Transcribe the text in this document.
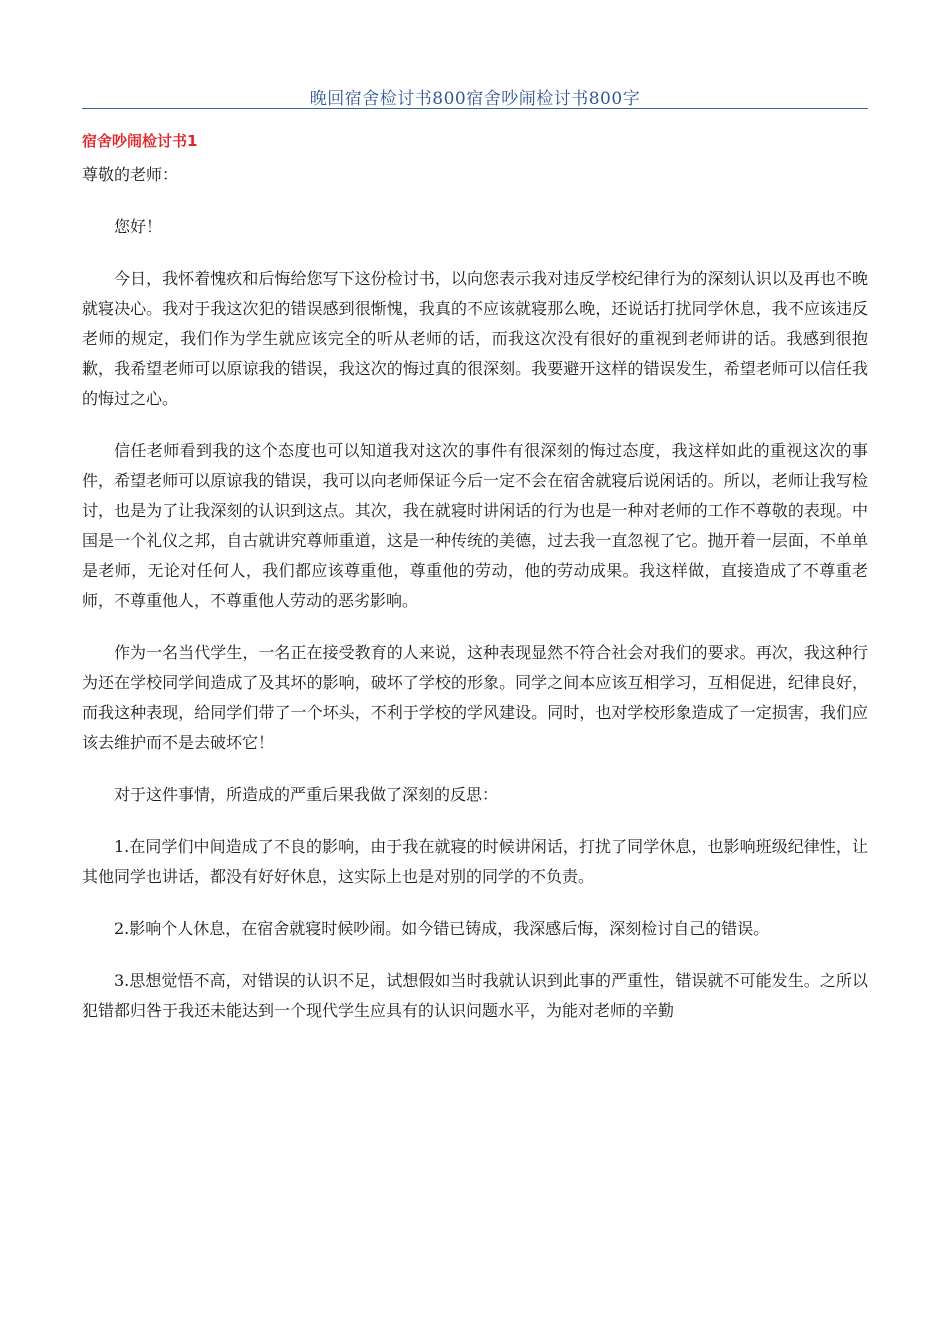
晚回宿舍检讨书800宿舍吵闹检讨书800字
宿舍吵闹检讨书1

尊敬的老师：

您好！

今日，我怀着愧疚和后悔给您写下这份检讨书，以向您表示我对违反学校纪律行为的深刻认识以及再也不晚就寝决心。我对于我这次犯的错误感到很惭愧，我真的不应该就寝那么晚，还说话打扰同学休息，我不应该违反老师的规定，我们作为学生就应该完全的听从老师的话，而我这次没有很好的重视到老师讲的话。我感到很抱歉，我希望老师可以原谅我的错误，我这次的悔过真的很深刻。我要避开这样的错误发生，希望老师可以信任我的悔过之心。

信任老师看到我的这个态度也可以知道我对这次的事件有很深刻的悔过态度，我这样如此的重视这次的事件，希望老师可以原谅我的错误，我可以向老师保证今后一定不会在宿舍就寝后说闲话的。所以，老师让我写检讨，也是为了让我深刻的认识到这点。其次，我在就寝时讲闲话的行为也是一种对老师的工作不尊敬的表现。中国是一个礼仪之邦，自古就讲究尊师重道，这是一种传统的美德，过去我一直忽视了它。抛开着一层面，不单单是老师，无论对任何人，我们都应该尊重他，尊重他的劳动，他的劳动成果。我这样做，直接造成了不尊重老师，不尊重他人，不尊重他人劳动的恶劣影响。

作为一名当代学生，一名正在接受教育的人来说，这种表现显然不符合社会对我们的要求。再次，我这种行为还在学校同学间造成了及其坏的影响，破坏了学校的形象。同学之间本应该互相学习，互相促进，纪律良好，而我这种表现，给同学们带了一个坏头，不利于学校的学风建设。同时，也对学校形象造成了一定损害，我们应该去维护而不是去破坏它！

对于这件事情，所造成的严重后果我做了深刻的反思：

1.在同学们中间造成了不良的影响，由于我在就寝的时候讲闲话，打扰了同学休息，也影响班级纪律性，让其他同学也讲话，都没有好好休息，这实际上也是对别的同学的不负责。

2.影响个人休息，在宿舍就寝时候吵闹。如今错已铸成，我深感后悔，深刻检讨自己的错误。

3.思想觉悟不高，对错误的认识不足，试想假如当时我就认识到此事的严重性，错误就不可能发生。之所以犯错都归咎于我还未能达到一个现代学生应具有的认识问题水平，为能对老师的辛勤
